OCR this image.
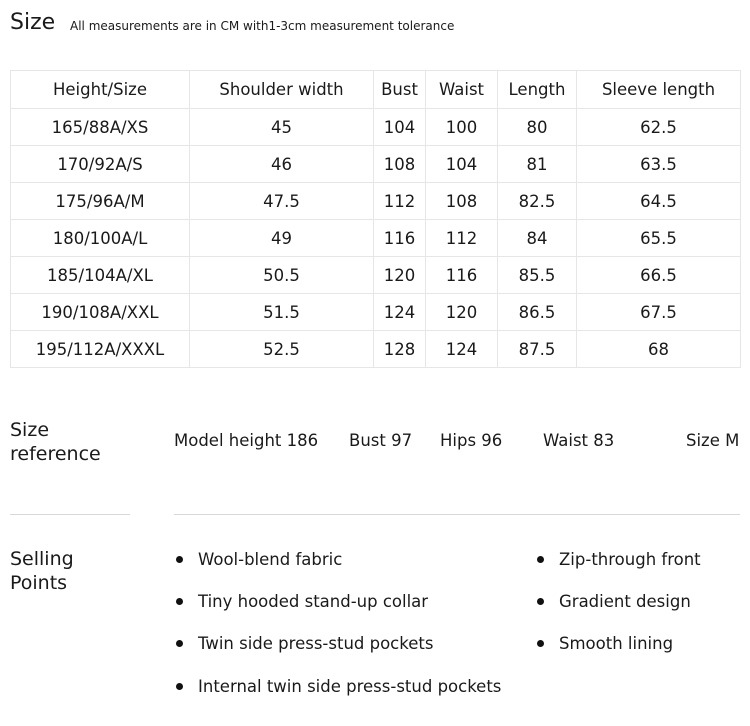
Size All measurements are in CM with1-3cm measurement tolerance
Height/Size	Shoulder width	Bust	Waist	Length	Sleeve length
165/88A/XS	45	104	100	80	62.5
170/92A/S	46	108	104	81	63.5
175/96A/M	47.5	112	108	82.5	64.5
180/100A/L	49	116	112	84	65.5
185/104A/XL	50.5	120	116	85.5	66.5
190/108A/XXL	51.5	124	120	86.5	67.5
195/112A/XXXL	52.5	128	124	87.5	68
Size
reference
Model height 186 Bust 97 Hips 96 Waist 83	Size M
Selling
Points
Wool-blend fabric
Tiny hooded stand-up collar
Twin side press-stud pockets
Internal twin side press-stud pockets
Zip-through front
Gradient design
Smooth lining
